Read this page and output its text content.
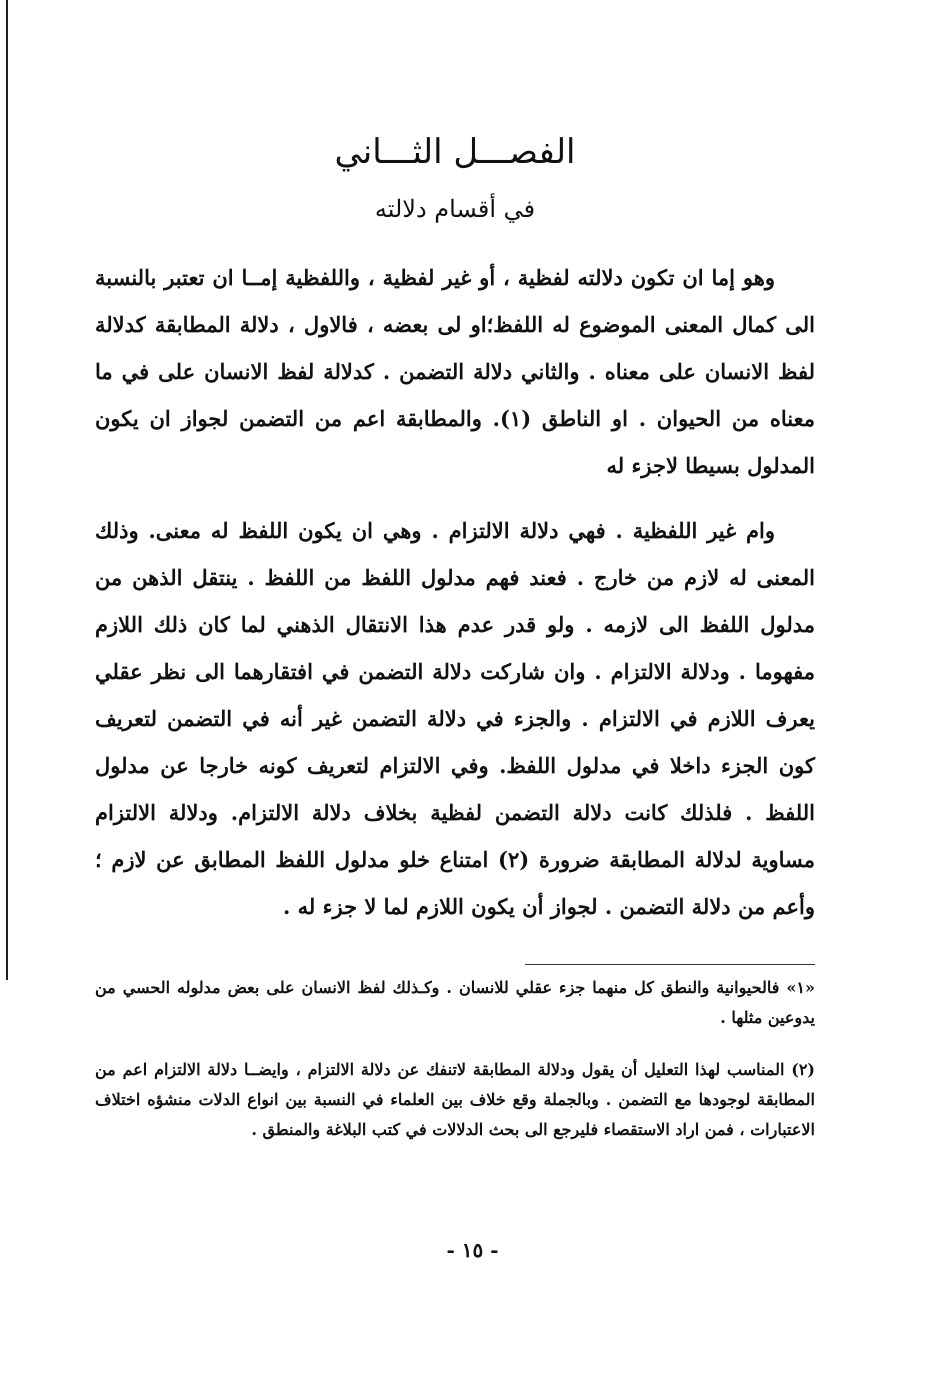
الفصـــل الثـــاني
في أقسام دلالته

وهو إما ان تكون دلالته لفظية ، أو غير لفظية ، واللفظية إمــا ان تعتبر بالنسبة الى كمال المعنى الموضوع له اللفظ؛او لى بعضه ، فالاول ، دلالة المطابقة كدلالة لفظ الانسان على معناه . والثاني دلالة التضمن . كدلالة لفظ الانسان على في ما معناه من الحيوان . او الناطق (١). والمطابقة اعم من التضمن لجواز ان يكون المدلول بسيطا لاجزء له

وام غير اللفظية . فهي دلالة الالتزام . وهي ان يكون اللفظ له معنى. وذلك المعنى له لازم من خارج . فعند فهم مدلول اللفظ من اللفظ . ينتقل الذهن من مدلول اللفظ الى لازمه . ولو قدر عدم هذا الانتقال الذهني لما كان ذلك اللازم مفهوما . ودلالة الالتزام . وان شاركت دلالة التضمن في افتقارهما الى نظر عقلي يعرف اللازم في الالتزام . والجزء في دلالة التضمن غير أنه في التضمن لتعريف كون الجزء داخلا في مدلول اللفظ. وفي الالتزام لتعريف كونه خارجا عن مدلول اللفظ . فلذلك كانت دلالة التضمن لفظية بخلاف دلالة الالتزام. ودلالة الالتزام مساوية لدلالة المطابقة ضرورة (٢) امتناع خلو مدلول اللفظ المطابق عن لازم ؛ وأعم من دلالة التضمن . لجواز أن يكون اللازم لما لا جزء له .

«١» فالحيوانية والنطق كل منهما جزء عقلي للانسان . وكـذلك لفظ الانسان على بعض مدلوله الحسي من يدوعين مثلها .

(٢) المناسب لهذا التعليل أن يقول ودلالة المطابقة لاتنفك عن دلالة الالتزام ، وايضــا دلالة الالتزام اعم من المطابقة لوجودها مع التضمن . وبالجملة وقع خلاف بين العلماء في النسبة بين انواع الدلات منشؤه اختلاف الاعتبارات ، فمن اراد الاستقصاء فليرجع الى بحث الدلالات في كتب البلاغة والمنطق .

- ١٥ -
